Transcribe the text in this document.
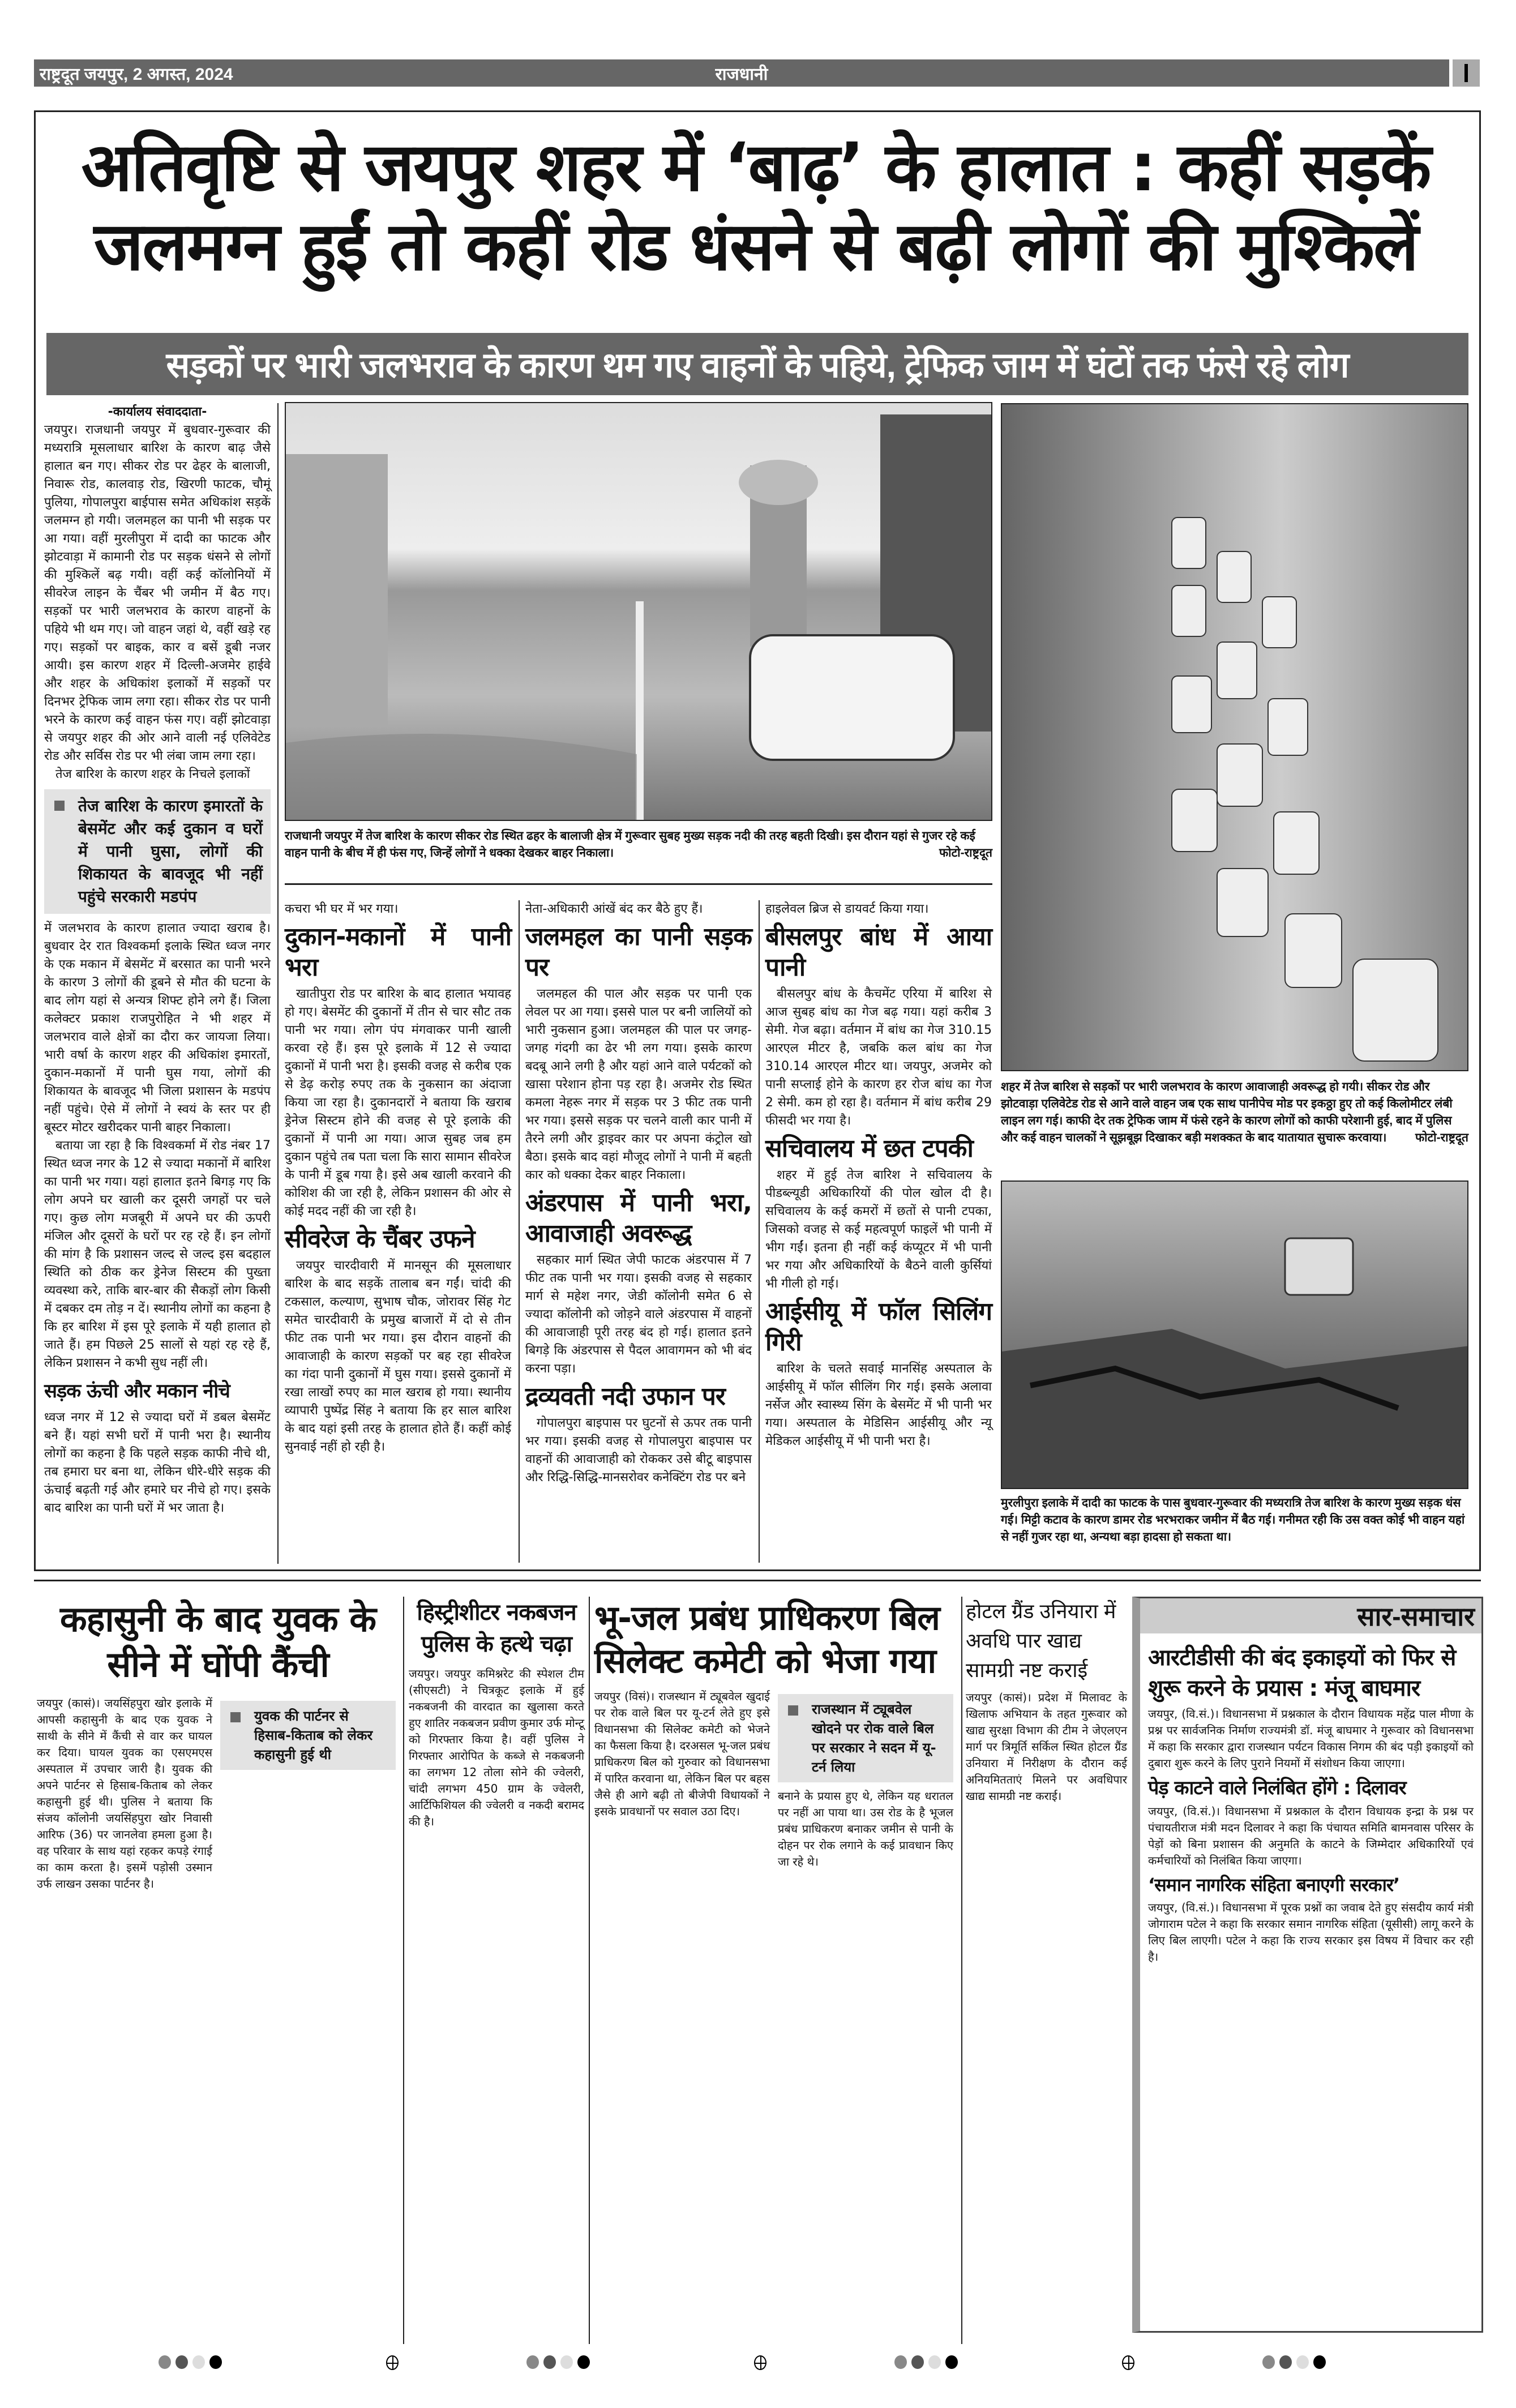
राष्ट्रदूत जयपुर, 2 अगस्त, 2024	राजधानी
अतिवृष्टि से जयपुर शहर में ‘बाढ़’ के हालात : कहीं सड़कें
जलमग्न हुईं तो कहीं रोड धंसने से बढ़ी लोगों की मुश्किलें
सड़कों पर भारी जलभराव के कारण थम गए वाहनों के पहिये, ट्रेफिक जाम में घंटों तक फंसे रहे लोग

-कार्यालय संवाददाता-

जयपुर। राजधानी जयपुर में बुधवार-गुरूवार की मध्यरात्रि मूसलाधार बारिश के कारण बाढ़ जैसे हालात बन गए। सीकर रोड पर ढेहर के बालाजी, निवारू रोड, कालवाड़ रोड, खिरणी फाटक, चौमूं पुलिया, गोपालपुरा बाईपास समेत अधिकांश सड़कें जलमग्न हो गयी। जलमहल का पानी भी सड़क पर आ गया। वहीं मुरलीपुरा में दादी का फाटक और झोटवाड़ा में कामानी रोड पर सड़क धंसने से लोगों की मुश्किलें बढ़ गयी। वहीं कई कॉलोनियों में सीवरेज लाइन के चैंबर भी जमीन में बैठ गए। सड़कों पर भारी जलभराव के कारण वाहनों के पहिये भी थम गए। जो वाहन जहां थे, वहीं खड़े रह गए। सड़कों पर बाइक, कार व बसें डूबी नजर आयी। इस कारण शहर में दिल्ली-अजमेर हाईवे और शहर के अधिकांश इलाकों में सड़कों पर दिनभर ट्रेफिक जाम लगा रहा। सीकर रोड पर पानी भरने के कारण कई वाहन फंस गए। वहीं झोटवाड़ा से जयपुर शहर की ओर आने वाली नई एलिवेटेड रोड और सर्विस रोड पर भी लंबा जाम लगा रहा।

तेज बारिश के कारण शहर के निचले इलाकों

तेज बारिश के कारण इमारतों के बेसमेंट और कई दुकान व घरों में पानी घुसा, लोगों की शिकायत के बावजूद भी नहीं पहुंचे सरकारी मडपंप

में जलभराव के कारण हालात ज्यादा खराब है। बुधवार देर रात विश्वकर्मा इलाके स्थित ध्वज नगर के एक मकान में बेसमेंट में बरसात का पानी भरने के कारण 3 लोगों की डूबने से मौत की घटना के बाद लोग यहां से अन्यत्र शिफ्ट होने लगे हैं। जिला कलेक्टर प्रकाश राजपुरोहित ने भी शहर में जलभराव वाले क्षेत्रों का दौरा कर जायजा लिया। भारी वर्षा के कारण शहर की अधिकांश इमारतों, दुकान-मकानों में पानी घुस गया, लोगों की शिकायत के बावजूद भी जिला प्रशासन के मडपंप नहीं पहुंचे। ऐसे में लोगों ने स्वयं के स्तर पर ही बूस्टर मोटर खरीदकर पानी बाहर निकाला।

बताया जा रहा है कि विश्वकर्मा में रोड नंबर 17 स्थित ध्वज नगर के 12 से ज्यादा मकानों में बारिश का पानी भर गया। यहां हालात इतने बिगड़ गए कि लोग अपने घर खाली कर दूसरी जगहों पर चले गए। कुछ लोग मजबूरी में अपने घर की ऊपरी मंजिल और दूसरों के घरों पर रह रहे हैं। इन लोगों की मांग है कि प्रशासन जल्द से जल्द इस बदहाल स्थिति को ठीक कर ड्रेनेज सिस्टम की पुख्ता व्यवस्था करे, ताकि बार-बार की सैकड़ों लोग किसी में दबकर दम तोड़ न दें। स्थानीय लोगों का कहना है कि हर बारिश में इस पूरे इलाके में यही हालात हो जाते हैं। हम पिछले 25 सालों से यहां रह रहे हैं, लेकिन प्रशासन ने कभी सुध नहीं ली।

सड़क ऊंची और मकान नीचे

ध्वज नगर में 12 से ज्यादा घरों में डबल बेसमेंट बने हैं। यहां सभी घरों में पानी भरा है। स्थानीय लोगों का कहना है कि पहले सड़क काफी नीचे थी, तब हमारा घर बना था, लेकिन धीरे-धीरे सड़क की ऊंचाई बढ़ती गई और हमारे घर नीचे हो गए। इसके बाद बारिश का पानी घरों में भर जाता है।

राजधानी जयपुर में तेज बारिश के कारण सीकर रोड स्थित ढहर के बालाजी क्षेत्र में गुरूवार सुबह मुख्य सड़क नदी की तरह बहती दिखी। इस दौरान यहां से गुजर रहे कई वाहन पानी के बीच में ही फंस गए, जिन्हें लोगों ने धक्का देखकर बाहर निकाला।	फोटो-राष्ट्रदूत

कचरा भी घर में भर गया।

दुकान-मकानों में पानी भरा

खातीपुरा रोड पर बारिश के बाद हालात भयावह हो गए। बेसमेंट की दुकानों में तीन से चार सौट तक पानी भर गया। लोग पंप मंगवाकर पानी खाली करवा रहे हैं। इस पूरे इलाके में 12 से ज्यादा दुकानों में पानी भरा है। इसकी वजह से करीब एक से डेढ़ करोड़ रुपए तक के नुकसान का अंदाजा किया जा रहा है। दुकानदारों ने बताया कि खराब ड्रेनेज सिस्टम होने की वजह से पूरे इलाके की दुकानों में पानी आ गया। आज सुबह जब हम दुकान पहुंचे तब पता चला कि सारा सामान सीवरेज के पानी में डूब गया है। इसे अब खाली करवाने की कोशिश की जा रही है, लेकिन प्रशासन की ओर से कोई मदद नहीं की जा रही है।

सीवरेज के चैंबर उफने

जयपुर चारदीवारी में मानसून की मूसलाधार बारिश के बाद सड़कें तालाब बन गईं। चांदी की टकसाल, कल्याण, सुभाष चौक, जोरावर सिंह गेट समेत चारदीवारी के प्रमुख बाजारों में दो से तीन फीट तक पानी भर गया। इस दौरान वाहनों की आवाजाही के कारण सड़कों पर बह रहा सीवरेज का गंदा पानी दुकानों में घुस गया। इससे दुकानों में रखा लाखों रुपए का माल खराब हो गया। स्थानीय व्यापारी पुष्पेंद्र सिंह ने बताया कि हर साल बारिश के बाद यहां इसी तरह के हालात होते हैं। कहीं कोई सुनवाई नहीं हो रही है।

नेता-अधिकारी आंखें बंद कर बैठे हुए हैं।

जलमहल का पानी सड़क पर

जलमहल की पाल और सड़क पर पानी एक लेवल पर आ गया। इससे पाल पर बनी जालियों को भारी नुकसान हुआ। जलमहल की पाल पर जगह-जगह गंदगी का ढेर भी लग गया। इसके कारण बदबू आने लगी है और यहां आने वाले पर्यटकों को खासा परेशान होना पड़ रहा है। अजमेर रोड स्थित कमला नेहरू नगर में सड़क पर 3 फीट तक पानी भर गया। इससे सड़क पर चलने वाली कार पानी में तैरने लगी और ड्राइवर कार पर अपना कंट्रोल खो बैठा। इसके बाद वहां मौजूद लोगों ने पानी में बहती कार को धक्का देकर बाहर निकाला।

अंडरपास में पानी भरा, आवाजाही अवरूद्ध

सहकार मार्ग स्थित जेपी फाटक अंडरपास में 7 फीट तक पानी भर गया। इसकी वजह से सहकार मार्ग से महेश नगर, जेडी कॉलोनी समेत 6 से ज्यादा कॉलोनी को जोड़ने वाले अंडरपास में वाहनों की आवाजाही पूरी तरह बंद हो गई। हालात इतने बिगड़े कि अंडरपास से पैदल आवागमन को भी बंद करना पड़ा।

द्रव्यवती नदी उफान पर

गोपालपुरा बाइपास पर घुटनों से ऊपर तक पानी भर गया। इसकी वजह से गोपालपुरा बाइपास पर वाहनों की आवाजाही को रोककर उसे बीटू बाइपास और रिद्धि-सिद्धि-मानसरोवर कनेक्टिंग रोड पर बने

हाइलेवल ब्रिज से डायवर्ट किया गया।

बीसलपुर बांध में आया पानी

बीसलपुर बांध के कैचमेंट एरिया में बारिश से आज सुबह बांध का गेज बढ़ गया। यहां करीब 3 सेमी. गेज बढ़ा। वर्तमान में बांध का गेज 310.15 आरएल मीटर है, जबकि कल बांध का गेज 310.14 आरएल मीटर था। जयपुर, अजमेर को पानी सप्लाई होने के कारण हर रोज बांध का गेज 2 सेमी. कम हो रहा है। वर्तमान में बांध करीब 29 फीसदी भर गया है।

सचिवालय में छत टपकी

शहर में हुई तेज बारिश ने सचिवालय के पीडब्ल्यूडी अधिकारियों की पोल खोल दी है। सचिवालय के कई कमरों में छतों से पानी टपका, जिसको वजह से कई महत्वपूर्ण फाइलें भी पानी में भीग गईं। इतना ही नहीं कई कंप्यूटर में भी पानी भर गया और अधिकारियों के बैठने वाली कुर्सियां भी गीली हो गई।

आईसीयू में फॉल सिलिंग गिरी

बारिश के चलते सवाई मानसिंह अस्पताल के आईसीयू में फॉल सीलिंग गिर गई। इसके अलावा नर्सेज और स्वास्थ्य सिंग के बेसमेंट में भी पानी भर गया। अस्पताल के मेडिसिन आईसीयू और न्यू मेडिकल आईसीयू में भी पानी भरा है।

शहर में तेज बारिश से सड़कों पर भारी जलभराव के कारण आवाजाही अवरूद्ध हो गयी। सीकर रोड और झोटवाड़ा एलिवेटेड रोड से आने वाले वाहन जब एक साथ पानीपेच मोड पर इकठ्ठा हुए तो कई किलोमीटर लंबी लाइन लग गई। काफी देर तक ट्रेफिक जाम में फंसे रहने के कारण लोगों को काफी परेशानी हुई, बाद में पुलिस और कई वाहन चालकों ने सूझबूझ दिखाकर बड़ी मशक्कत के बाद यातायात सुचारू करवाया। फोटो-राष्ट्रदूत
मुरलीपुरा इलाके में दादी का फाटक के पास बुधवार-गुरूवार की मध्यरात्रि तेज बारिश के कारण मुख्य सड़क धंस गई। मिट्टी कटाव के कारण डामर रोड भरभराकर जमीन में बैठ गई। गनीमत रही कि उस वक्त कोई भी वाहन यहां से नहीं गुजर रहा था, अन्यथा बड़ा हादसा हो सकता था।
कहासुनी के बाद युवक के सीने में घोंपी कैंची
जयपुर (कासं)। जयसिंहपुरा खोर इलाके में आपसी कहासुनी के बाद एक युवक ने साथी के सीने में कैंची से वार कर घायल कर दिया। घायल युवक का एसएमएस अस्पताल में उपचार जारी है। युवक की अपने पार्टनर से हिसाब-किताब को लेकर कहासुनी हुई थी। पुलिस ने बताया कि संजय कॉलोनी जयसिंहपुरा खोर निवासी आरिफ (36) पर जानलेवा हमला हुआ है। वह परिवार के साथ यहां रहकर कपड़े रंगाई का काम करता है। इसमें पड़ोसी उस्मान उर्फ लाखन उसका पार्टनर है।
युवक की पार्टनर से हिसाब-किताब को लेकर कहासुनी हुई थी
हिस्ट्रीशीटर नकबजन पुलिस के हत्थे चढ़ा
जयपुर। जयपुर कमिश्नरेट की स्पेशल टीम (सीएसटी) ने चित्रकूट इलाके में हुई नकबजनी की वारदात का खुलासा करते हुए शातिर नकबजन प्रवीण कुमार उर्फ मोन्टू को गिरफ्तार किया है। वहीं पुलिस ने गिरफ्तार आरोपित के कब्जे से नकबजनी का लगभग 12 तोला सोने की ज्वेलरी, चांदी लगभग 450 ग्राम के ज्वेलरी, आर्टिफिशियल की ज्वेलरी व नकदी बरामद की है।
भू-जल प्रबंध प्राधिकरण बिल सिलेक्ट कमेटी को भेजा गया
जयपुर (विसं)। राजस्थान में ट्यूबवेल खुदाई पर रोक वाले बिल पर यू-टर्न लेते हुए इसे विधानसभा की सिलेक्ट कमेटी को भेजने का फैसला किया है। दरअसल भू-जल प्रबंध प्राधिकरण बिल को गुरुवार को विधानसभा में पारित करवाना था, लेकिन बिल पर बहस जैसे ही आगे बढ़ी तो बीजेपी विधायकों ने इसके प्रावधानों पर सवाल उठा दिए।
राजस्थान में ट्यूबवेल खोदने पर रोक वाले बिल पर सरकार ने सदन में यू-टर्न लिया
बनाने के प्रयास हुए थे, लेकिन यह धरातल पर नहीं आ पाया था। उस रोड के है भूजल प्रबंध प्राधिकरण बनाकर जमीन से पानी के दोहन पर रोक लगाने के कई प्रावधान किए जा रहे थे।
होटल ग्रैंड उनियारा में अवधि पार खाद्य सामग्री नष्ट कराई
जयपुर (कासं)। प्रदेश में मिलावट के खिलाफ अभियान के तहत गुरूवार को खाद्य सुरक्षा विभाग की टीम ने जेएलएन मार्ग पर त्रिमूर्ति सर्किल स्थित होटल ग्रैंड उनियारा में निरीक्षण के दौरान कई अनियमितताएं मिलने पर अवधिपार खाद्य सामग्री नष्ट कराई।
सार-समाचार
आरटीडीसी की बंद इकाइयों को फिर से शुरू करने के प्रयास : मंजू बाघमार
जयपुर, (वि.सं.)। विधानसभा में प्रश्नकाल के दौरान विधायक महेंद्र पाल मीणा के प्रश्न पर सार्वजनिक निर्माण राज्यमंत्री डॉ. मंजू बाघमार ने गुरूवार को विधानसभा में कहा कि सरकार द्वारा राजस्थान पर्यटन विकास निगम की बंद पड़ी इकाइयों को दुबारा शुरू करने के लिए पुराने नियमों में संशोधन किया जाएगा।
पेड़ काटने वाले निलंबित होंगे : दिलावर
जयपुर, (वि.सं.)। विधानसभा में प्रश्नकाल के दौरान विधायक इन्द्रा के प्रश्न पर पंचायतीराज मंत्री मदन दिलावर ने कहा कि पंचायत समिति बामनवास परिसर के पेड़ों को बिना प्रशासन की अनुमति के काटने के जिम्मेदार अधिकारियों एवं कर्मचारियों को निलंबित किया जाएगा।
‘समान नागरिक संहिता बनाएगी सरकार’
जयपुर, (वि.सं.)। विधानसभा में पूरक प्रश्नों का जवाब देते हुए संसदीय कार्य मंत्री जोगाराम पटेल ने कहा कि सरकार समान नागरिक संहिता (यूसीसी) लागू करने के लिए बिल लाएगी। पटेल ने कहा कि राज्य सरकार इस विषय में विचार कर रही है।
